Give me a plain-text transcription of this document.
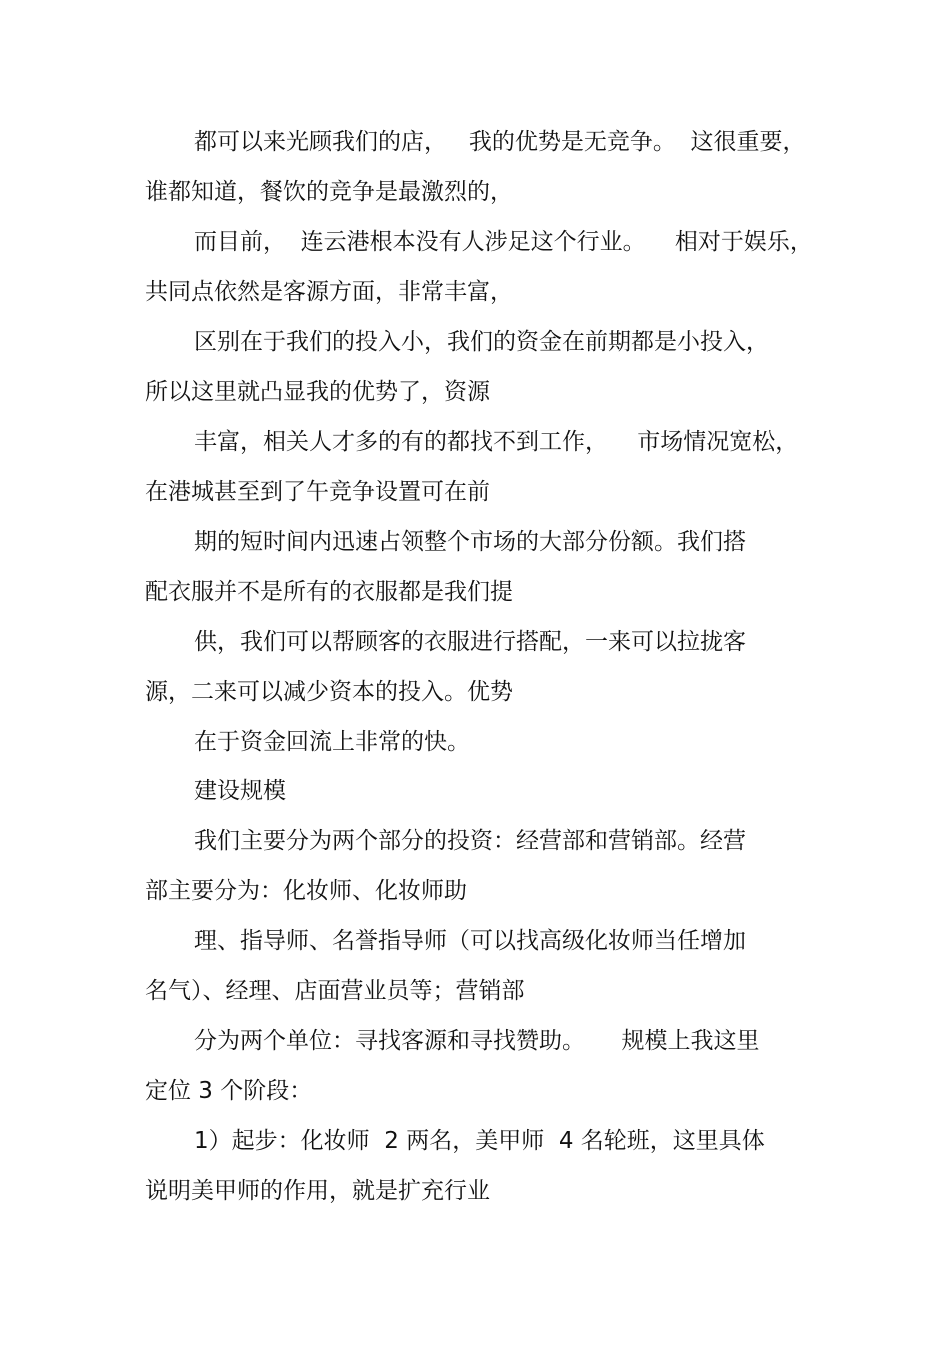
都可以来光顾我们的店，   我的优势是无竞争。  这很重要，

谁都知道，餐饮的竞争是最激烈的，

而目前，  连云港根本没有人涉足这个行业。    相对于娱乐，

共同点依然是客源方面，非常丰富，

区别在于我们的投入小，我们的资金在前期都是小投入，

所以这里就凸显我的优势了，资源

丰富，相关人才多的有的都找不到工作，    市场情况宽松，

在港城甚至到了午竞争设置可在前

期的短时间内迅速占领整个市场的大部分份额。我们搭

配衣服并不是所有的衣服都是我们提

供，我们可以帮顾客的衣服进行搭配，一来可以拉拢客

源，二来可以减少资本的投入。优势

在于资金回流上非常的快。

建设规模

我们主要分为两个部分的投资：经营部和营销部。经营

部主要分为：化妆师、化妆师助

理、指导师、名誉指导师（可以找高级化妆师当任增加

名气）、经理、店面营业员等；营销部

分为两个单位：寻找客源和寻找赞助。     规模上我这里

定位 3 个阶段：

1）起步：化妆师  2 两名，美甲师  4 名轮班，这里具体

说明美甲师的作用，就是扩充行业
